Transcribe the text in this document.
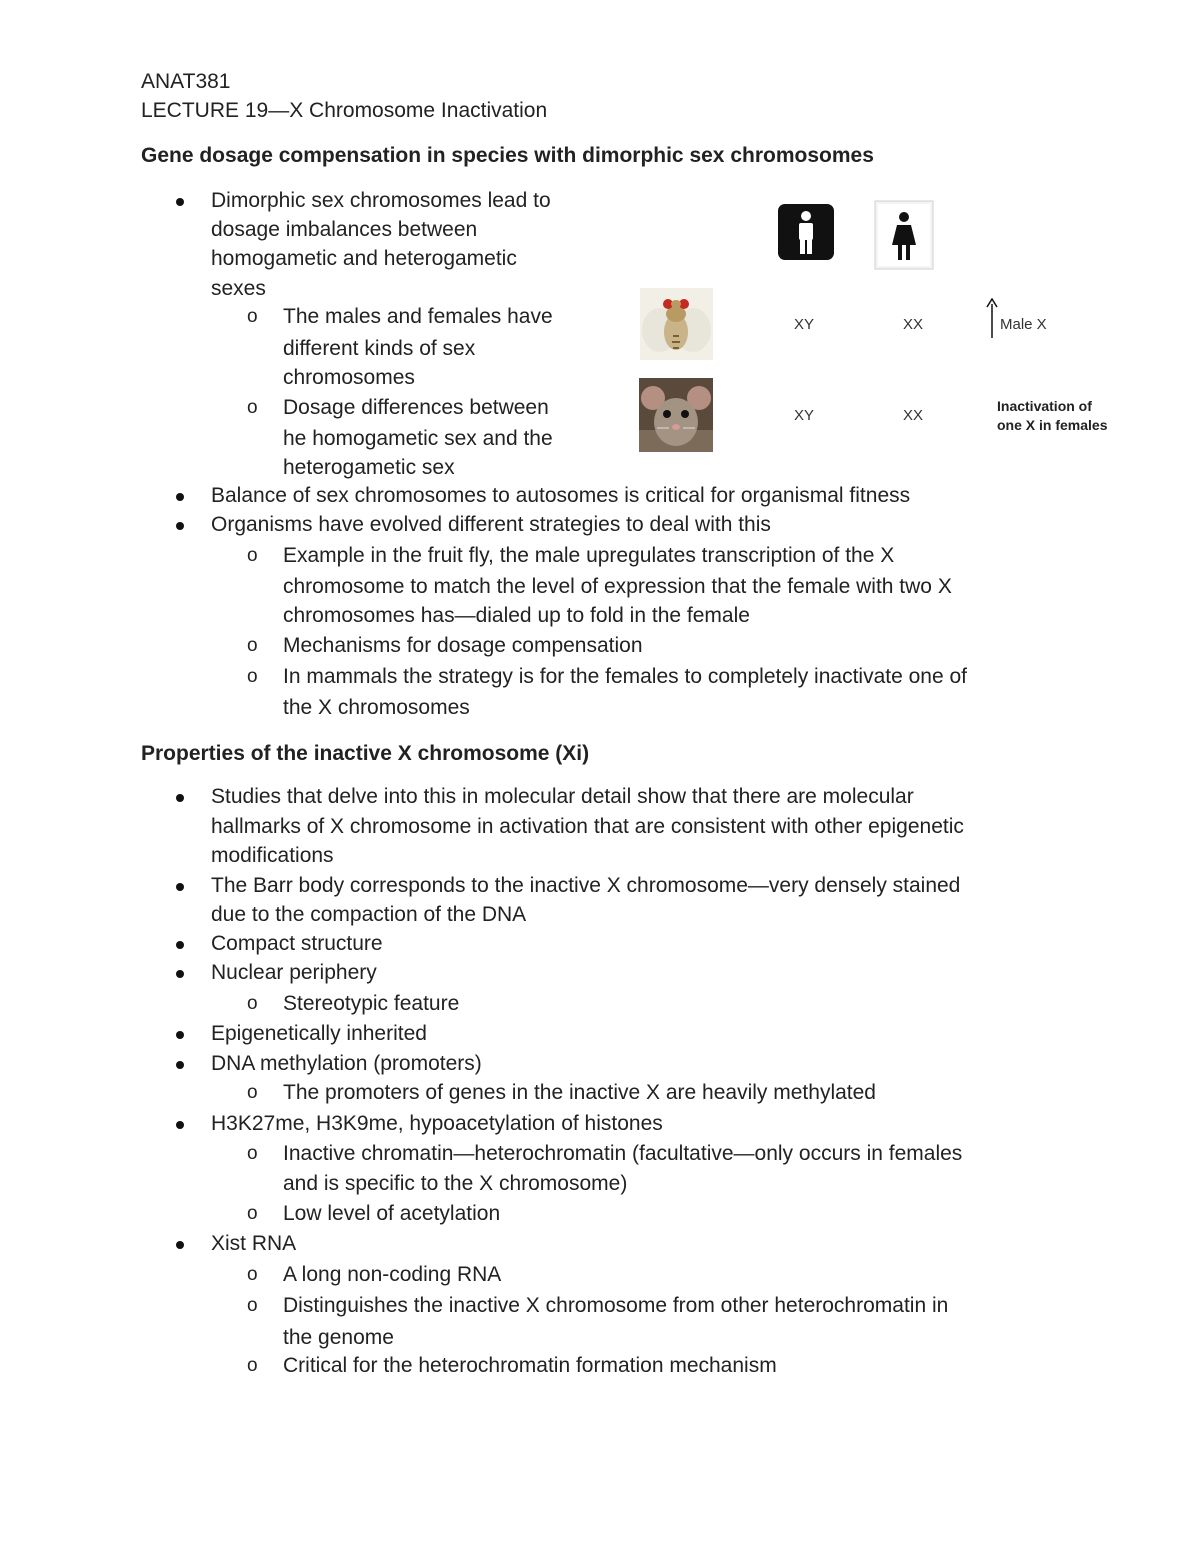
ANAT381
LECTURE 19—X Chromosome Inactivation
Gene dosage compensation in species with dimorphic sex chromosomes
Dimorphic sex chromosomes lead to
dosage imbalances between
homogametic and heterogametic
sexes
o The males and females have
different kinds of sex
chromosomes
o Dosage differences between
he homogametic sex and the
heterogametic sex
Balance of sex chromosomes to autosomes is critical for organismal fitness
Organisms have evolved different strategies to deal with this
o Example in the fruit fly, the male upregulates transcription of the X
chromosome to match the level of expression that the female with two X
chromosomes has—dialed up to fold in the female
o Mechanisms for dosage compensation
o In mammals the strategy is for the females to completely inactivate one of
the X chromosomes
XY	XX	Male X
XY	XX
Inactivation of
one X in females
Properties of the inactive X chromosome (Xi)
Studies that delve into this in molecular detail show that there are molecular
hallmarks of X chromosome in activation that are consistent with other epigenetic
modifications
The Barr body corresponds to the inactive X chromosome—very densely stained
due to the compaction of the DNA
Compact structure
Nuclear periphery
o Stereotypic feature
Epigenetically inherited
DNA methylation (promoters)
o The promoters of genes in the inactive X are heavily methylated
H3K27me, H3K9me, hypoacetylation of histones
o Inactive chromatin—heterochromatin (facultative—only occurs in females
and is specific to the X chromosome)
o Low level of acetylation
Xist RNA
o A long non-coding RNA
o Distinguishes the inactive X chromosome from other heterochromatin in
the genome
o Critical for the heterochromatin formation mechanism
